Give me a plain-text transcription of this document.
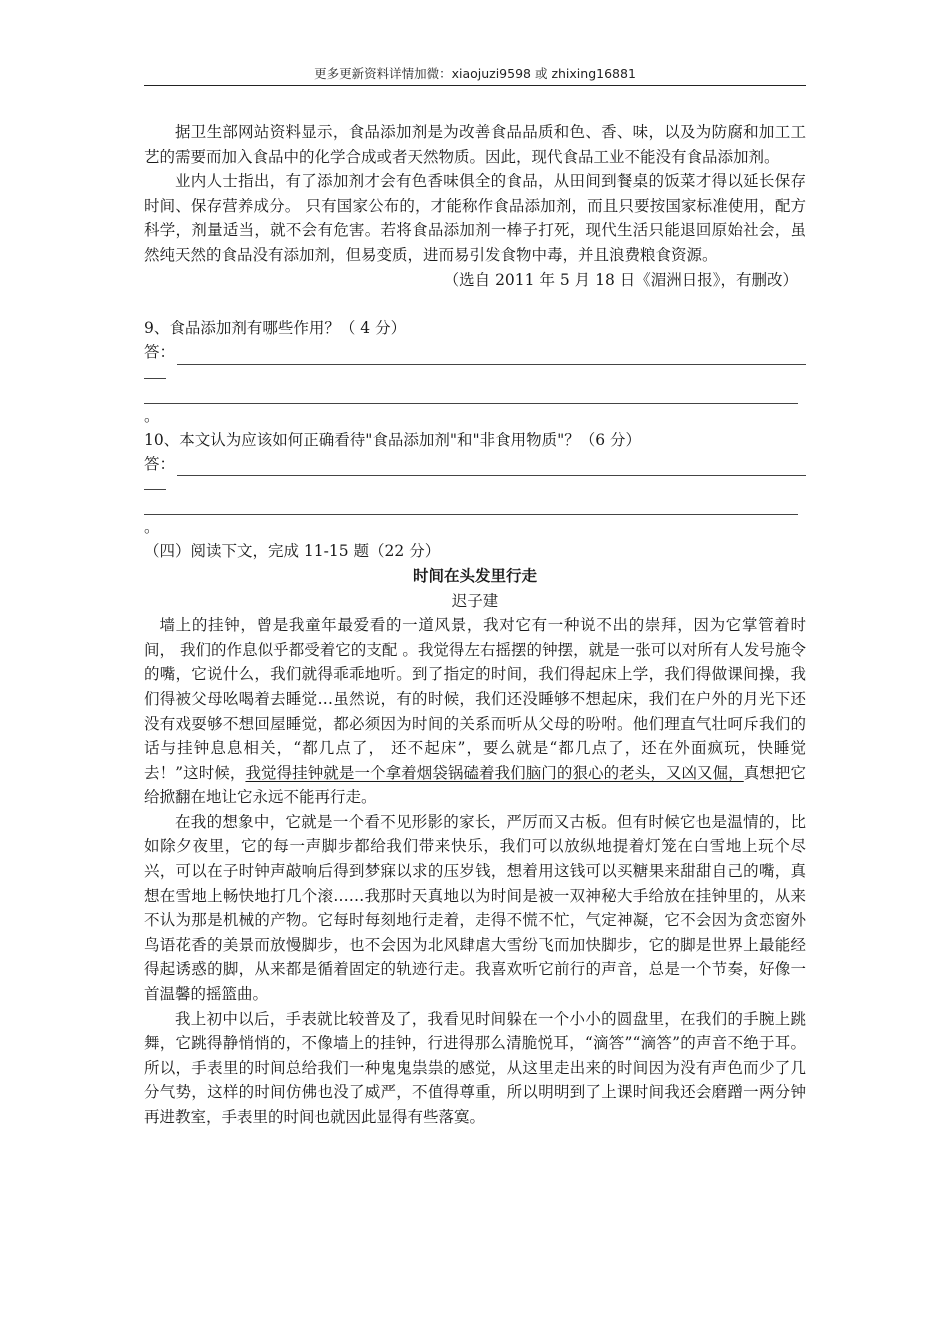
更多更新资料详情加微：xiaojuzi9598 或 zhixing16881

据卫生部网站资料显示，食品添加剂是为改善食品品质和色、香、味，以及为防腐和加工工艺的需要而加入食品中的化学合成或者天然物质。因此，现代食品工业不能没有食品添加剂。

业内人士指出，有了添加剂才会有色香味俱全的食品，从田间到餐桌的饭菜才得以延长保存时间、保存营养成分。 只有国家公布的，才能称作食品添加剂，而且只要按国家标准使用，配方科学，剂量适当，就不会有危害。若将食品添加剂一棒子打死，现代生活只能退回原始社会，虽然纯天然的食品没有添加剂，但易变质，进而易引发食物中毒，并且浪费粮食资源。

（选自 2011 年 5 月 18 日《湄洲日报》，有删改）

9、食品添加剂有哪些作用？（ 4 分）

答：
。

10、本文认为应该如何正确看待"食品添加剂"和"非食用物质"？（6 分）

答：
。

（四）阅读下文，完成 11-15 题（22 分）

时间在头发里行走

迟子建

墙上的挂钟，曾是我童年最爱看的一道风景，我对它有一种说不出的崇拜，因为它掌管着时间， 我们的作息似乎都受着它的支配 。我觉得左右摇摆的钟摆，就是一张可以对所有人发号施令的嘴，它说什么，我们就得乖乖地听。到了指定的时间，我们得起床上学，我们得做课间操，我们得被父母吆喝着去睡觉…虽然说，有的时候，我们还没睡够不想起床，我们在户外的月光下还没有戏耍够不想回屋睡觉，都必须因为时间的关系而听从父母的吩咐。他们理直气壮呵斥我们的话与挂钟息息相关，“都几点了， 还不起床”，要么就是“都几点了，还在外面疯玩，快睡觉去！”这时候，我觉得挂钟就是一个拿着烟袋锅磕着我们脑门的狠心的老头，又凶又倔，真想把它给掀翻在地让它永远不能再行走。

在我的想象中，它就是一个看不见形影的家长，严厉而又古板。但有时候它也是温情的，比如除夕夜里，它的每一声脚步都给我们带来快乐，我们可以放纵地提着灯笼在白雪地上玩个尽兴，可以在子时钟声敲响后得到梦寐以求的压岁钱，想着用这钱可以买糖果来甜甜自己的嘴，真想在雪地上畅快地打几个滚……我那时天真地以为时间是被一双神秘大手给放在挂钟里的，从来不认为那是机械的产物。它每时每刻地行走着，走得不慌不忙，气定神凝，它不会因为贪恋窗外鸟语花香的美景而放慢脚步，也不会因为北风肆虐大雪纷飞而加快脚步，它的脚是世界上最能经得起诱惑的脚，从来都是循着固定的轨迹行走。我喜欢听它前行的声音，总是一个节奏，好像一首温馨的摇篮曲。

我上初中以后，手表就比较普及了，我看见时间躲在一个小小的圆盘里，在我们的手腕上跳舞，它跳得静悄悄的，不像墙上的挂钟，行进得那么清脆悦耳，“滴答”“滴答”的声音不绝于耳。所以，手表里的时间总给我们一种鬼鬼祟祟的感觉，从这里走出来的时间因为没有声色而少了几分气势，这样的时间仿佛也没了威严，不值得尊重，所以明明到了上课时间我还会磨蹭一两分钟再进教室，手表里的时间也就因此显得有些落寞。
